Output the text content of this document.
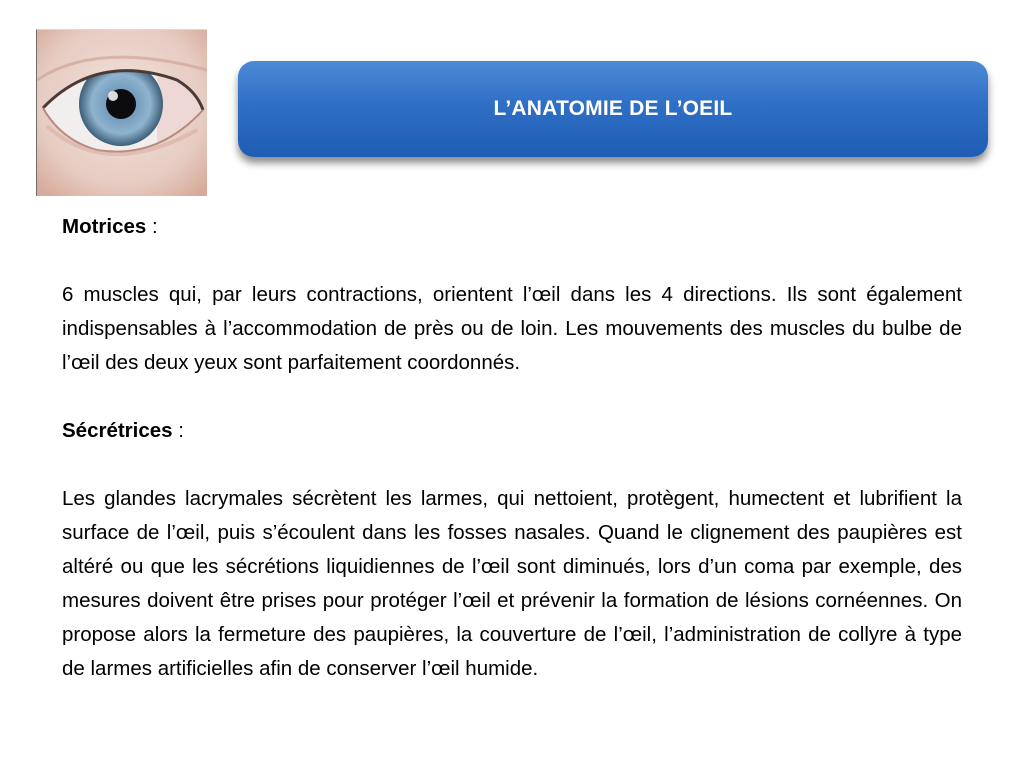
L’ANATOMIE DE L’OEIL

Motrices :

6 muscles qui, par leurs contractions, orientent l’œil dans les 4 directions. Ils sont également indispensables à l’accommodation de près ou de loin. Les mouvements des muscles du bulbe de l’œil des deux yeux sont parfaitement coordonnés.

Sécrétrices :

Les glandes lacrymales sécrètent les larmes, qui nettoient, protègent, humectent et lubrifient la surface de l’œil, puis s’écoulent dans les fosses nasales. Quand le clignement des paupières est altéré ou que les sécrétions liquidiennes de l’œil sont diminués, lors d’un coma par exemple, des mesures doivent être prises pour protéger l’œil et prévenir la formation de lésions cornéennes. On propose alors la fermeture des paupières, la couverture de l’œil, l’administration de collyre à type de larmes artificielles afin de conserver l’œil humide.
